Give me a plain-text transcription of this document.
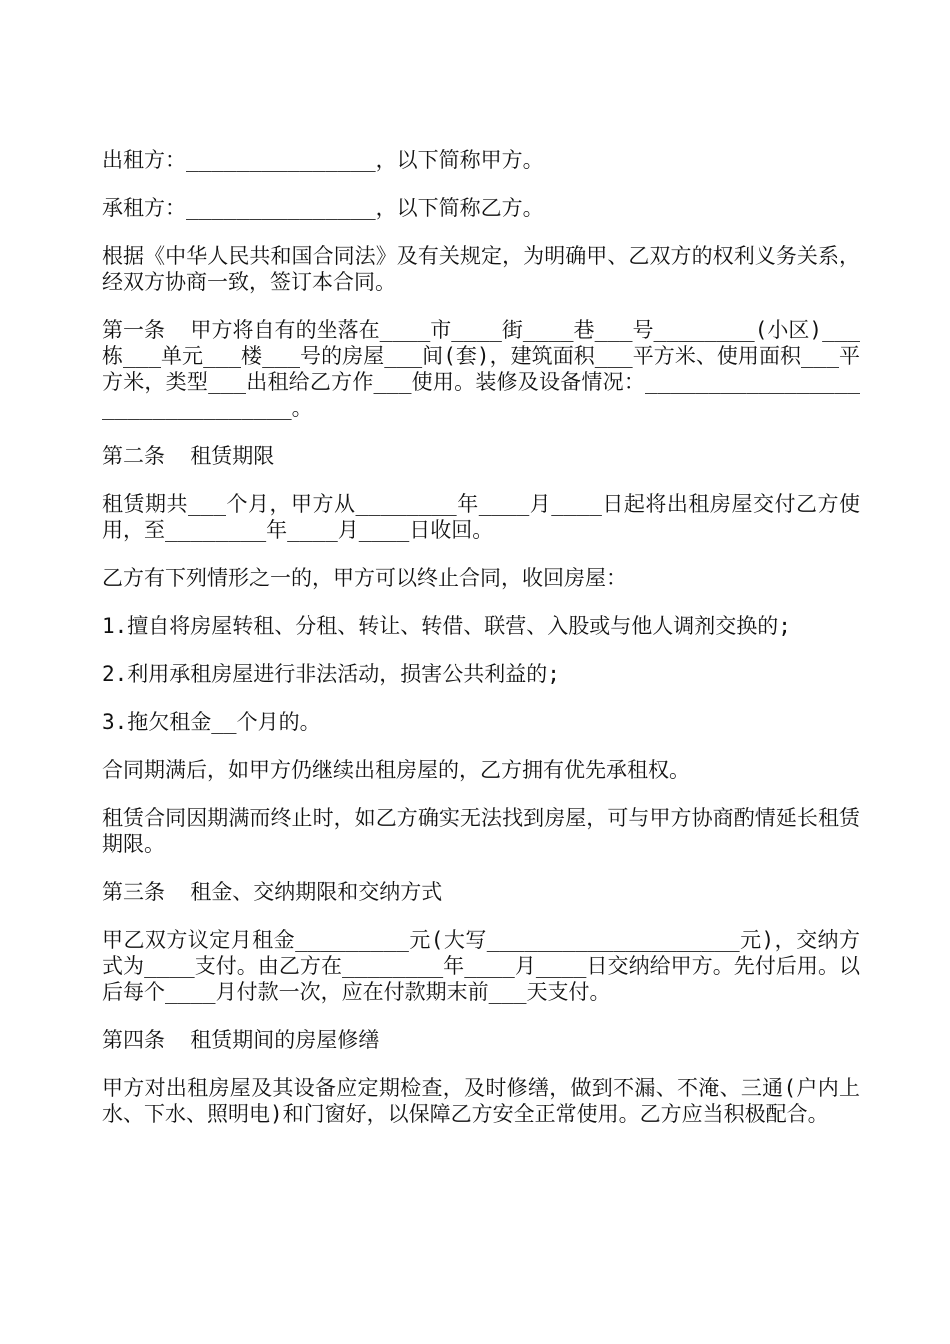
出租方：_______________，以下简称甲方。

承租方：_______________，以下简称乙方。

根据《中华人民共和国合同法》及有关规定，为明确甲、乙双方的权利义务关系，经双方协商一致，签订本合同。

第一条  甲方将自有的坐落在____市____街____巷___号________(小区)___栋___单元___楼___号的房屋___间(套)，建筑面积___平方米、使用面积___平方米，类型___出租给乙方作___使用。装修及设备情况：________________________________。

第二条  租赁期限

租赁期共___个月，甲方从________年____月____日起将出租房屋交付乙方使用，至________年____月____日收回。

乙方有下列情形之一的，甲方可以终止合同，收回房屋：

1.擅自将房屋转租、分租、转让、转借、联营、入股或与他人调剂交换的;

2.利用承租房屋进行非法活动，损害公共利益的;

3.拖欠租金__个月的。

合同期满后，如甲方仍继续出租房屋的，乙方拥有优先承租权。

租赁合同因期满而终止时，如乙方确实无法找到房屋，可与甲方协商酌情延长租赁期限。

第三条  租金、交纳期限和交纳方式

甲乙双方议定月租金_________元(大写____________________元)，交纳方式为____支付。由乙方在________年____月____日交纳给甲方。先付后用。以后每个____月付款一次，应在付款期末前___天支付。

第四条  租赁期间的房屋修缮

甲方对出租房屋及其设备应定期检查，及时修缮，做到不漏、不淹、三通(户内上水、下水、照明电)和门窗好，以保障乙方安全正常使用。乙方应当积极配合。
